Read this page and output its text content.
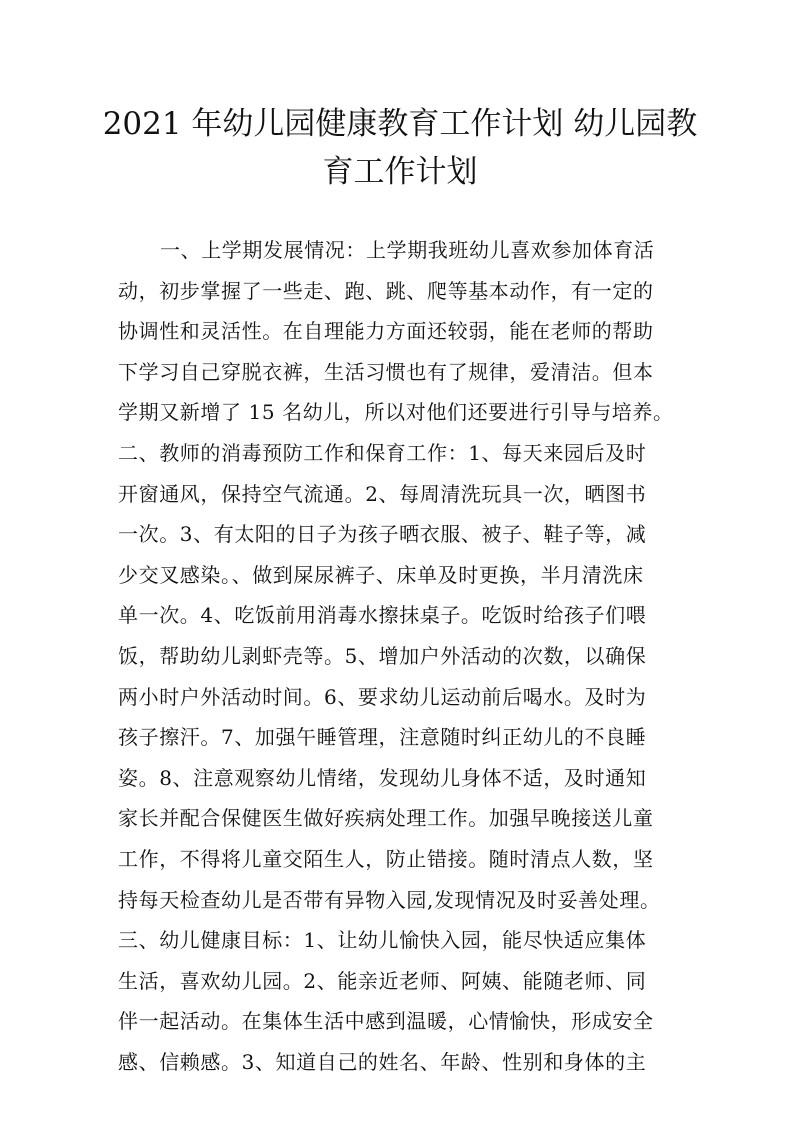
2021 年幼儿园健康教育工作计划 幼儿园教
育工作计划
一、上学期发展情况：上学期我班幼儿喜欢参加体育活
动，初步掌握了一些走、跑、跳、爬等基本动作，有一定的
协调性和灵活性。在自理能力方面还较弱，能在老师的帮助
下学习自己穿脱衣裤，生活习惯也有了规律，爱清洁。但本
学期又新增了 15 名幼儿，所以对他们还要进行引导与培养。
二、教师的消毒预防工作和保育工作：1、每天来园后及时
开窗通风，保持空气流通。2、每周清洗玩具一次，晒图书
一次。3、有太阳的日子为孩子晒衣服、被子、鞋子等，减
少交叉感染。、做到屎尿裤子、床单及时更换，半月清洗床
单一次。4、吃饭前用消毒水擦抹桌子。吃饭时给孩子们喂
饭，帮助幼儿剥虾壳等。5、增加户外活动的次数，以确保
两小时户外活动时间。6、要求幼儿运动前后喝水。及时为
孩子擦汗。7、加强午睡管理，注意随时纠正幼儿的不良睡
姿。8、注意观察幼儿情绪，发现幼儿身体不适，及时通知
家长并配合保健医生做好疾病处理工作。加强早晚接送儿童
工作，不得将儿童交陌生人，防止错接。随时清点人数，坚
持每天检查幼儿是否带有异物入园,发现情况及时妥善处理。
三、幼儿健康目标：1、让幼儿愉快入园，能尽快适应集体
生活，喜欢幼儿园。2、能亲近老师、阿姨、能随老师、同
伴一起活动。在集体生活中感到温暖，心情愉快，形成安全
感、信赖感。3、知道自己的姓名、年龄、性别和身体的主
